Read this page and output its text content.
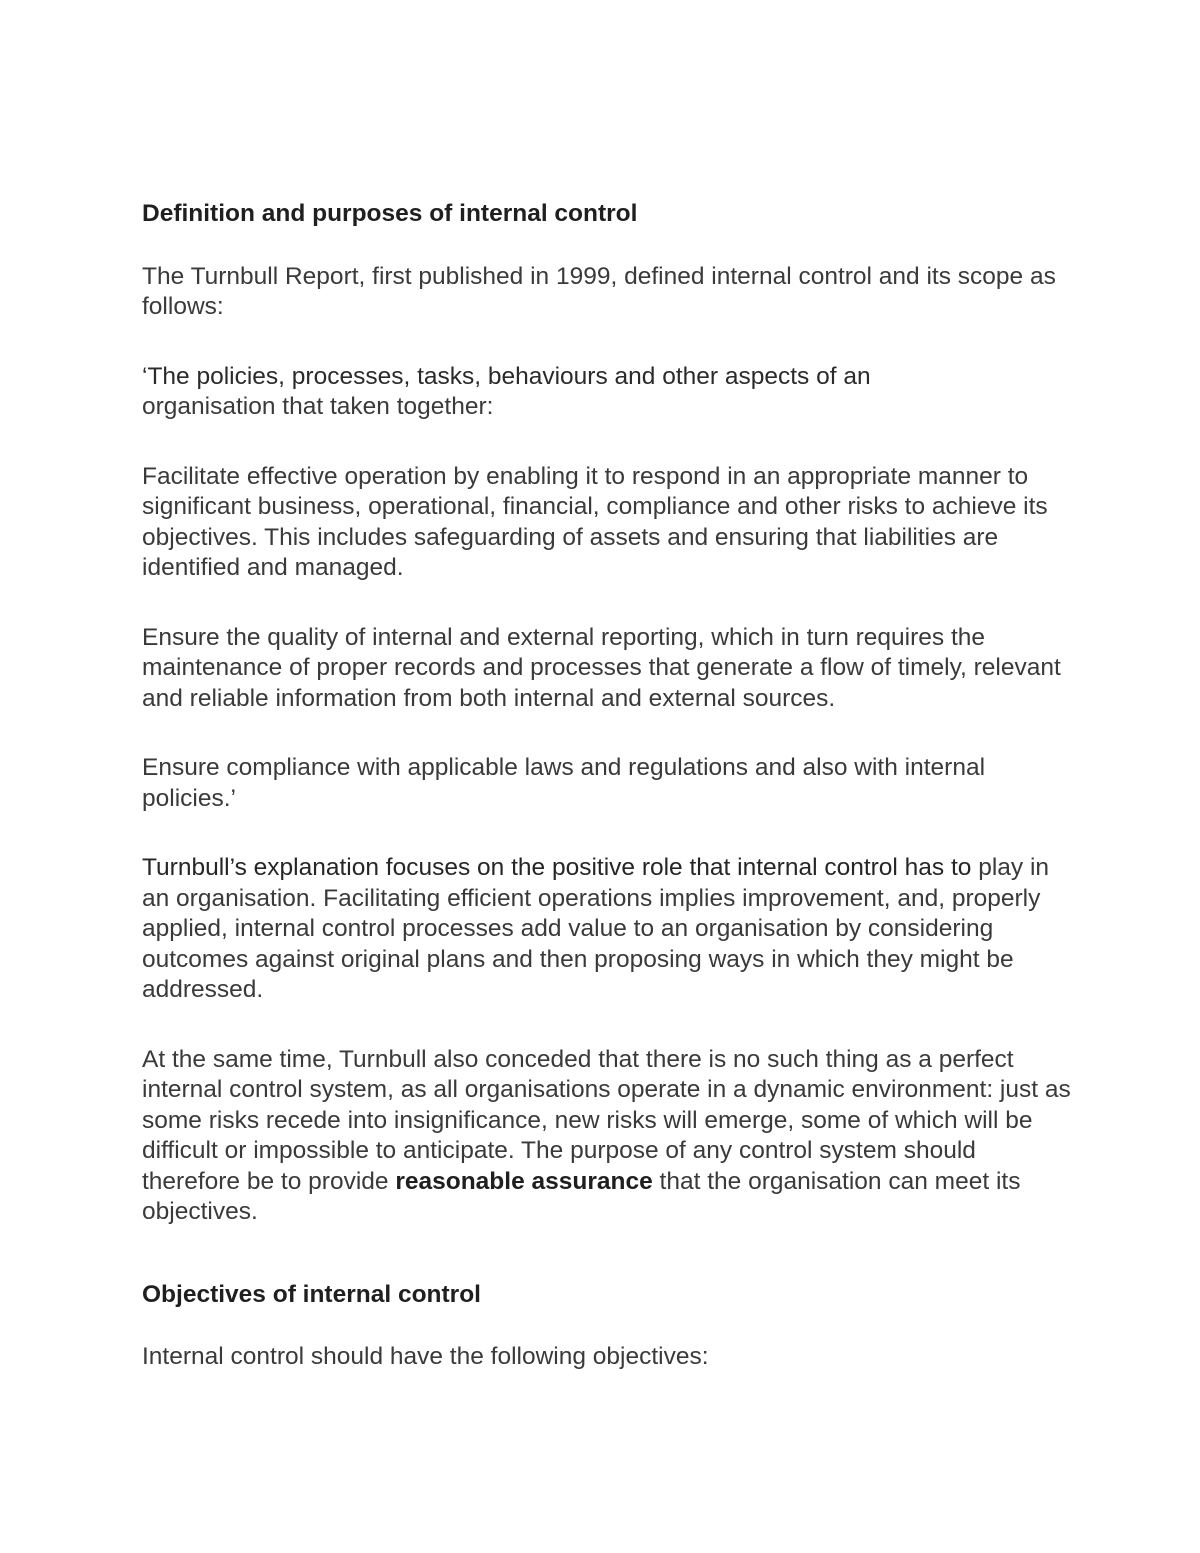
Definition and purposes of internal control

The Turnbull Report, first published in 1999, defined internal control and its scope as follows:

‘The policies, processes, tasks, behaviours and other aspects of an
organisation that taken together:

Facilitate effective operation by enabling it to respond in an appropriate manner to significant business, operational, financial, compliance and other risks to achieve its objectives. This includes safeguarding of assets and ensuring that liabilities are identified and managed.

Ensure the quality of internal and external reporting, which in turn requires the maintenance of proper records and processes that generate a flow of timely, relevant and reliable information from both internal and external sources.

Ensure compliance with applicable laws and regulations and also with internal policies.’

Turnbull’s explanation focuses on the positive role that internal control has to play in an organisation. Facilitating efficient operations implies improvement, and, properly applied, internal control processes add value to an organisation by considering outcomes against original plans and then proposing ways in which they might be addressed.

At the same time, Turnbull also conceded that there is no such thing as a perfect internal control system, as all organisations operate in a dynamic environment: just as some risks recede into insignificance, new risks will emerge, some of which will be difficult or impossible to anticipate. The purpose of any control system should therefore be to provide reasonable assurance that the organisation can meet its objectives.

Objectives of internal control

Internal control should have the following objectives:
